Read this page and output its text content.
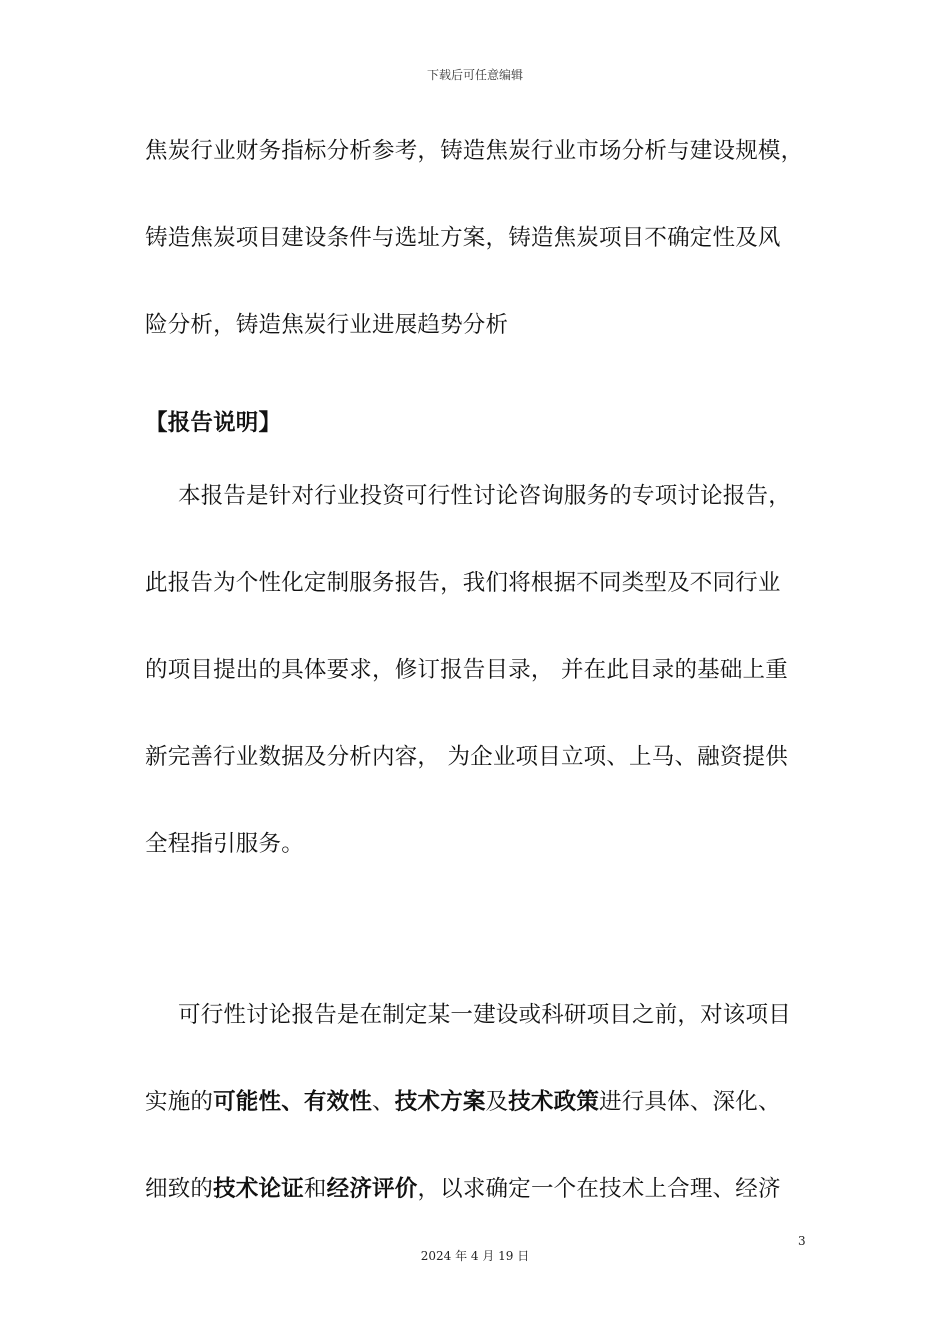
下载后可任意编辑
焦炭行业财务指标分析参考，铸造焦炭行业市场分析与建设规模，
铸造焦炭项目建设条件与选址方案，铸造焦炭项目不确定性及风
险分析，铸造焦炭行业进展趋势分析
【报告说明】
本报告是针对行业投资可行性讨论咨询服务的专项讨论报告，
此报告为个性化定制服务报告，我们将根据不同类型及不同行业
的项目提出的具体要求，修订报告目录， 并在此目录的基础上重
新完善行业数据及分析内容， 为企业项目立项、上马、融资提供
全程指引服务。
可行性讨论报告是在制定某一建设或科研项目之前，对该项目
实施的可能性、有效性、技术方案及技术政策进行具体、深化、
细致的技术论证和经济评价，以求确定一个在技术上合理、经济
3
2024 年 4 月 19 日
